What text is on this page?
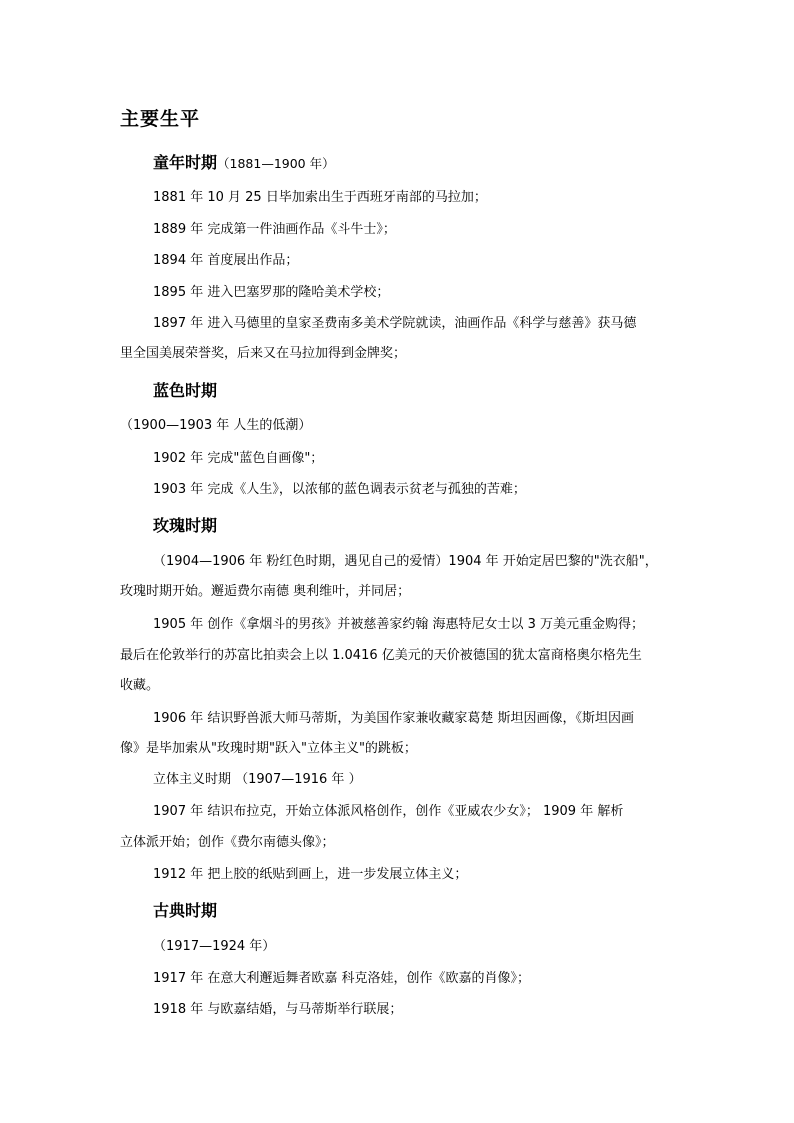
主要生平
童年时期（1881—1900 年）
1881 年 10 月 25 日毕加索出生于西班牙南部的马拉加；
1889 年 完成第一件油画作品《斗牛士》；
1894 年 首度展出作品；
1895 年 进入巴塞罗那的隆哈美术学校；
1897 年 进入马德里的皇家圣费南多美术学院就读，油画作品《科学与慈善》获马德
里全国美展荣誉奖，后来又在马拉加得到金牌奖；
蓝色时期
（1900—1903 年 人生的低潮）
1902 年 完成"蓝色自画像"；
1903 年 完成《人生》，以浓郁的蓝色调表示贫老与孤独的苦难；
玫瑰时期
（1904—1906 年 粉红色时期，遇见自己的爱情）1904 年 开始定居巴黎的"洗衣船"，
玫瑰时期开始。邂逅费尔南德 奥利维叶，并同居；
1905 年 创作《拿烟斗的男孩》并被慈善家约翰 海惠特尼女士以 3 万美元重金购得；
最后在伦敦举行的苏富比拍卖会上以 1.0416 亿美元的天价被德国的犹太富商格奥尔格先生
收藏。
1906 年 结识野兽派大师马蒂斯，为美国作家兼收藏家葛楚 斯坦因画像，《斯坦因画
像》是毕加索从"玫瑰时期"跃入"立体主义"的跳板；
立体主义时期 （1907—1916 年 ）
1907 年 结识布拉克，开始立体派风格创作，创作《亚威农少女》； 1909 年 解析
立体派开始；创作《费尔南德头像》；
1912 年 把上胶的纸贴到画上，进一步发展立体主义；
古典时期
（1917—1924 年）
1917 年 在意大利邂逅舞者欧嘉 科克洛娃，创作《欧嘉的肖像》；
1918 年 与欧嘉结婚，与马蒂斯举行联展；
